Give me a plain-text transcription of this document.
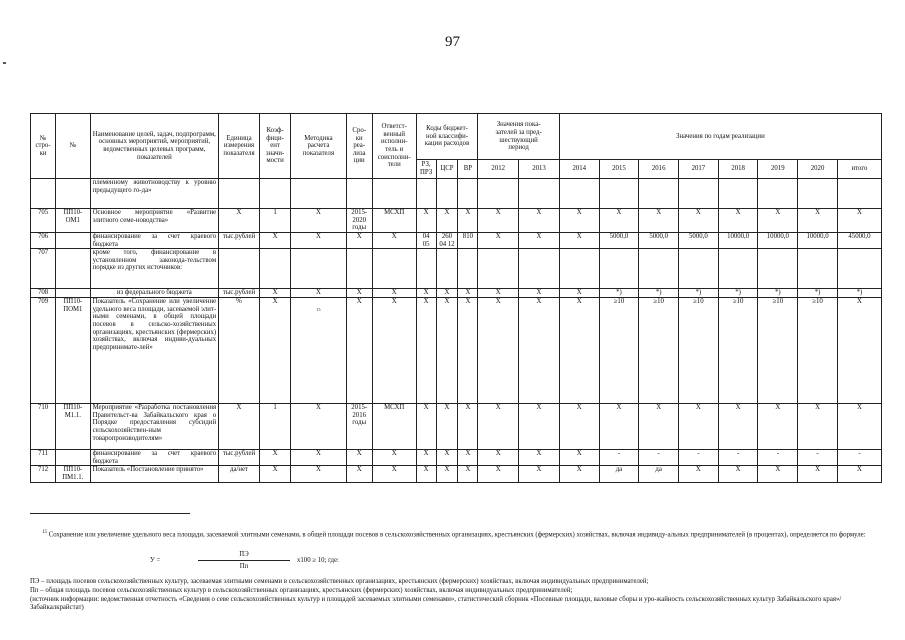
97
№
стро-
ки	№	Наименование целей, задач, подпрограмм, основных мероприятий, мероприятий, ведомственных целевых программ, показателей	Единица измерения показателя	Коэф-
фици-
ент
значи-
мости	Методика расчета показателя	Сро-
ки
реа-
лиза
ции	Ответст-
венный исполни-
тель и соисполни-
тели	Коды бюджет-
ной классифи-
кации расходов			Значения пока-
зателей за пред-
шествующий
период		Значения по годам реализации							
								РЗ,
ПРЗ	ЦСР	ВР	2012	2013	2014	2015	2016	2017	2018	2019	2020	итого
		племенному животноводству к уровню предыдущего го-да»																		
705	ПП10-ОМ1	Основное мероприятие «Развитие элитного семе-новодства»	Х	1	Х	2015-2020 годы	МСХП	Х	Х	Х	Х	Х	Х	Х	Х	Х	Х	Х	Х	Х
706		финансирование за счет краевого бюджета	тыс.рублей	Х	Х	Х	Х	04 05	260 04 12	810	Х	Х	Х	5000,0	5000,0	5000,0	10000,0	10000,0	10000,0	45000,0
707		кроме того, финансирование в установленном законода-тельством порядке из других источников:																		
708		из федерального бюджета	тыс.рублей	Х	Х	Х	Х	Х	Х	Х	Х	Х	Х	*)	*)	*)	*)	*)	*)	*)
709	ПП10-ПОМ1	Показатель «Сохранение или увеличение удельного веса площади, засеваемой элит-ными семенами, в общей площади посевов в сельско-хозяйственных организациях, крестьянских (фермерских) хозяйствах, включая индиви-дуальных предпринимате-лей»	%	Х	15	Х	Х	Х	Х	Х	Х	Х	Х	≥10	≥10	≥10	≥10	≥10	≥10	Х
710	ПП10-М1.1.	Мероприятие «Разработка постановления Правительст-ва Забайкальского края о Порядке предоставления субсидий сельскохозяйствен-ным товаропроизводителям»	Х	1	Х	2015-2016 годы	МСХП	Х	Х	Х	Х	Х	Х	Х	Х	Х	Х	Х	Х	Х
711		финансирование за счет краевого бюджета	тыс.рублей	Х	Х	Х	Х	Х	Х	Х	Х	Х	Х	-	-	-	-	-	-	-
712	ПП10-ПМ1.1.	Показатель «Постановление принято»	да/нет	Х	Х	Х	Х	Х	Х	Х	Х	Х	Х	да	да	Х	Х	Х	Х	Х
$^{15}$ Сохранение или увеличение удельного веса площади, засеваемой элитными семенами, в общей площади посевов в сельскохозяйственных организациях, крестьянских (фермерских) хозяйствах, включая индивиду-альных предпринимателей (в процентах), определяется по формуле:
У =
ПЭ
Пп
х100 ≥ 10; где:
ПЭ – площадь посевов сельскохозяйственных культур, засеваемая элитными семенами в сельскохозяйственных организациях, крестьянских (фермерских) хозяйствах, включая индивидуальных предпринимателей;
Пп – общая площадь посевов сельскохозяйственных культур в сельскохозяйственных организациях, крестьянских (фермерских) хозяйствах, включая индивидуальных предпринимателей;
(источник информации: ведомственная отчетность «Сведения о севе сельскохозяйственных культур и площадей засеваемых элитными семенами», статистический сборник «Посевные площади, валовые сборы и уро-жайность сельскохозяйственных культур Забайкальского края»/Забайкалкрайстат)
